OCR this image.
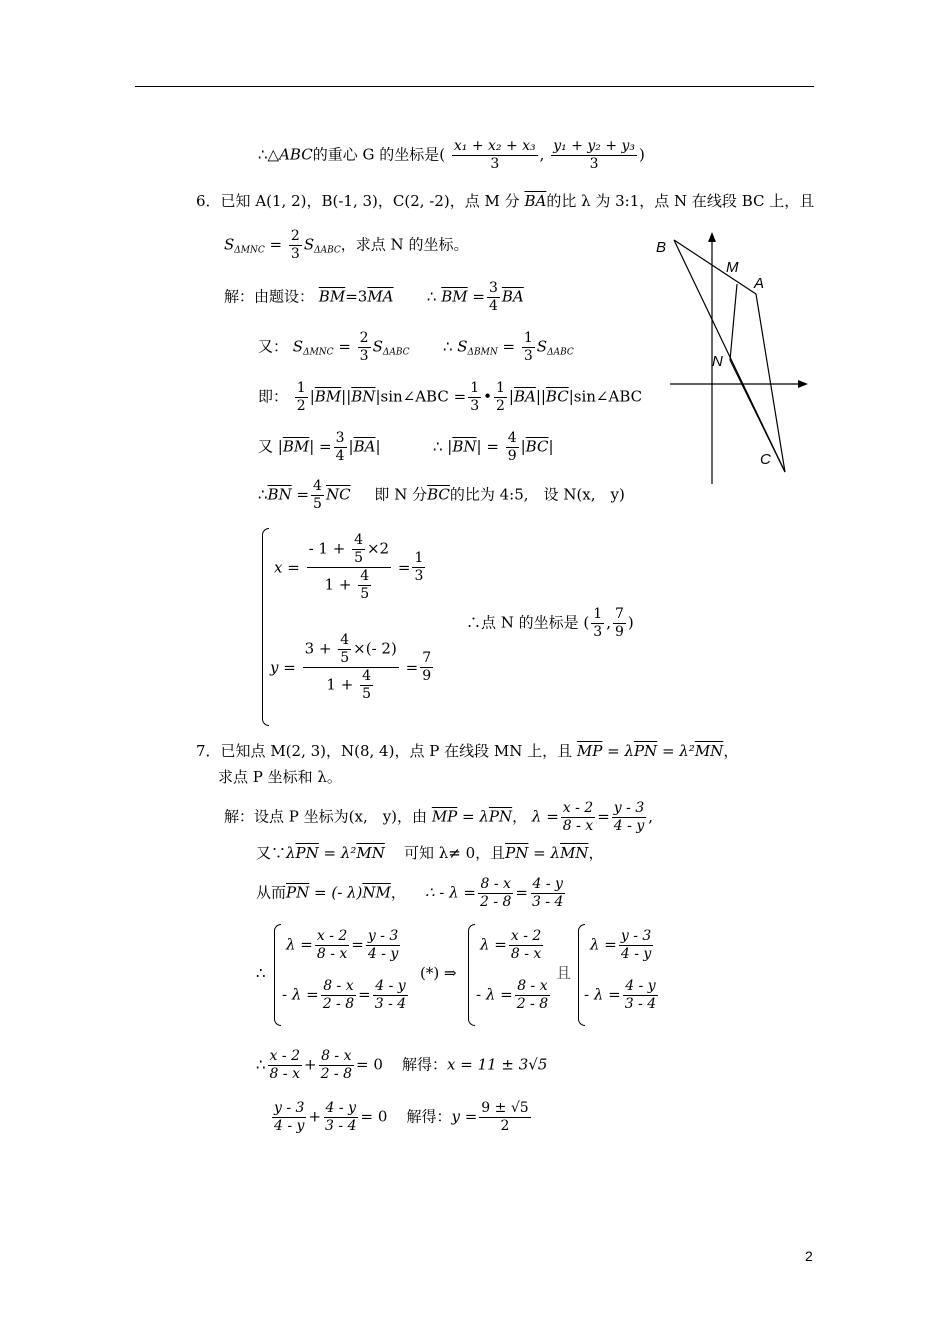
∴△ABC的重心 G 的坐标是( $\frac{\text{x₁ + x₂ + x₃}}{3}$ , $\frac{\text{y₁ + y₂ + y₃}}{3}$ )
6．已知 A(1, 2)，B(-1, 3)，C(2, -2)，点 M 分 $\overline{BA}$的比 λ 为 3:1，点 N 在线段 BC 上，且
$S_{\Delta MNC} = \frac{2}{3} S_{\Delta ABC}$，求点 N 的坐标。
解：由题设： $\overline{BM}=3\overline{MA}$ ∴ $\overline{BM} = \frac{3}{4} \overline{BA}$
又： $S_{\Delta MNC} = \frac{2}{3} S_{\Delta ABC}$ ∴ $S_{\Delta BMN} = \frac{1}{3} S_{\Delta ABC}$
即： $\frac{1}{2}$ $|\overline{BM}||\overline{BN}|\sin\angle ABC = \frac{1}{3}$ • $\frac{1}{2}$ $|\overline{BA}||\overline{BC}|\sin\angle ABC$
又 $|\overline{BM}| = \frac{3}{4} |\overline{BA}|$           ∴ $|\overline{BN}| = \frac{4}{9} |\overline{BC}|$
$\therefore\overline{BN} = \frac{4}{5} \overline{NC}$ 即 N 分$\overline{BC}$的比为 4:5,　设 N(x,　y)
$x = \frac{- 1 + \frac{4}{5} \times 2}{1 + \frac{4}{5}} = \frac{1}{3}$
$y = \frac{3 + \frac{4}{5} \times(- 2)}{1 + \frac{4}{5}} = \frac{7}{9}$
∴点 N 的坐标是 ( $\frac{1}{3}$ , $\frac{7}{9}$ )
B
M
A
N
C
7．已知点 M(2, 3)，N(8, 4)，点 P 在线段 MN 上，且 $\overline{MP} = \lambda\overline{PN} = \lambda^2\overline{MN}$，
求点 P 坐标和 λ。
解：设点 P 坐标为(x,　y)，由 $\overline{MP} = \lambda\overline{PN}$， $\lambda = \frac{x - 2}{8 - x} = \frac{y - 3}{4 - y}$ ,
又$\because\lambda\overline{PN} = \lambda^2\overline{MN}$ 可知 λ≠ 0，且$\overline{PN} = \lambda\overline{MN}$，
从而$\overline{PN}$ = (- $\lambda)\overline{NM}$，    ∴ - $\lambda = \frac{8 - x}{2 - 8} = \frac{4 - y}{3 - 4}$
∴
$\lambda = \frac{x - 2}{8 - x} = \frac{y - 3}{4 - y}$
- $\lambda = \frac{8 - x}{2 - 8} = \frac{4 - y}{3 - 4}$
(*) ⇒
$\lambda = \frac{x - 2}{8 - x}$
- $\lambda = \frac{8 - x}{2 - 8}$
且
$\lambda = \frac{y - 3}{4 - y}$
- $\lambda = \frac{4 - y}{3 - 4}$
∴ $\frac{x - 2}{8 - x} + \frac{8 - x}{2 - 8} = 0$ 解得：x = 11 ± 3√5
$\frac{y - 3}{4 - y} + \frac{4 - y}{3 - 4} = 0$ 解得：$y = \frac{9 \pm √5}{2}$
2
